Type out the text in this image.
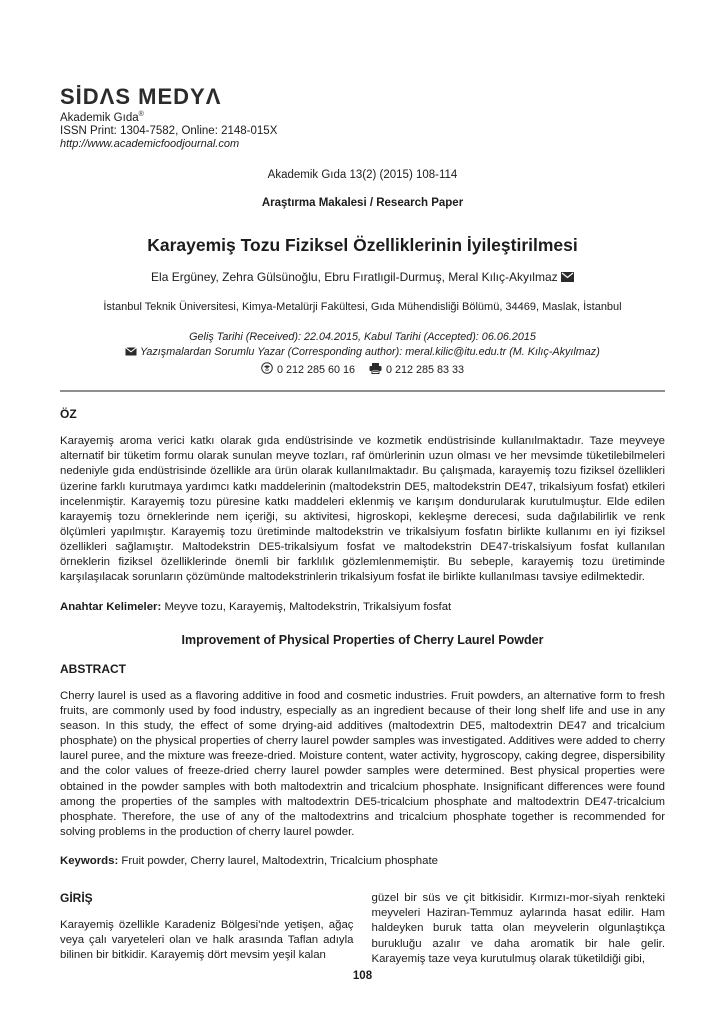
SİDΛS MEDYΛ
Akademik Gıda®
ISSN Print: 1304-7582, Online: 2148-015X
http://www.academicfoodjournal.com
Akademik Gıda 13(2) (2015) 108-114
Araştırma Makalesi / Research Paper
Karayemiş Tozu Fiziksel Özelliklerinin İyileştirilmesi
Ela Ergüney, Zehra Gülsünoğlu, Ebru Fıratlıgil-Durmuş, Meral Kılıç-Akyılmaz
İstanbul Teknik Üniversitesi, Kimya-Metalürji Fakültesi, Gıda Mühendisliği Bölümü, 34469, Maslak, İstanbul
Geliş Tarihi (Received): 22.04.2015, Kabul Tarihi (Accepted): 06.06.2015
Yazışmalardan Sorumlu Yazar (Corresponding author): meral.kilic@itu.edu.tr (M. Kılıç-Akyılmaz)
0 212 285 60 16	0 212 285 83 33
ÖZ

Karayemiş aroma verici katkı olarak gıda endüstrisinde ve kozmetik endüstrisinde kullanılmaktadır. Taze meyveye alternatif bir tüketim formu olarak sunulan meyve tozları, raf ömürlerinin uzun olması ve her mevsimde tüketilebilmeleri nedeniyle gıda endüstrisinde özellikle ara ürün olarak kullanılmaktadır. Bu çalışmada, karayemiş tozu fiziksel özellikleri üzerine farklı kurutmaya yardımcı katkı maddelerinin (maltodekstrin DE5, maltodekstrin DE47, trikalsiyum fosfat) etkileri incelenmiştir. Karayemiş tozu püresine katkı maddeleri eklenmiş ve karışım dondurularak kurutulmuştur. Elde edilen karayemiş tozu örneklerinde nem içeriği, su aktivitesi, higroskopi, kekleşme derecesi, suda dağılabilirlik ve renk ölçümleri yapılmıştır. Karayemiş tozu üretiminde maltodekstrin ve trikalsiyum fosfatın birlikte kullanımı en iyi fiziksel özellikleri sağlamıştır. Maltodekstrin DE5-trikalsiyum fosfat ve maltodekstrin DE47-triskalsiyum fosfat kullanılan örneklerin fiziksel özelliklerinde önemli bir farklılık gözlemlenmemiştir. Bu sebeple, karayemiş tozu üretiminde karşılaşılacak sorunların çözümünde maltodekstrinlerin trikalsiyum fosfat ile birlikte kullanılması tavsiye edilmektedir.

Anahtar Kelimeler: Meyve tozu, Karayemiş, Maltodekstrin, Trikalsiyum fosfat
Improvement of Physical Properties of Cherry Laurel Powder
ABSTRACT

Cherry laurel is used as a flavoring additive in food and cosmetic industries. Fruit powders, an alternative form to fresh fruits, are commonly used by food industry, especially as an ingredient because of their long shelf life and use in any season. In this study, the effect of some drying-aid additives (maltodextrin DE5, maltodextrin DE47 and tricalcium phosphate) on the physical properties of cherry laurel powder samples was investigated. Additives were added to cherry laurel puree, and the mixture was freeze-dried. Moisture content, water activity, hygroscopy, caking degree, dispersibility and the color values of freeze-dried cherry laurel powder samples were determined. Best physical properties were obtained in the powder samples with both maltodextrin and tricalcium phosphate. Insignificant differences were found among the properties of the samples with maltodextrin DE5-tricalcium phosphate and maltodextrin DE47-tricalcium phosphate. Therefore, the use of any of the maltodextrins and tricalcium phosphate together is recommended for solving problems in the production of cherry laurel powder.

Keywords: Fruit powder, Cherry laurel, Maltodextrin, Tricalcium phosphate
GİRİŞ

Karayemiş özellikle Karadeniz Bölgesi'nde yetişen, ağaç veya çalı varyeteleri olan ve halk arasında Taflan adıyla bilinen bir bitkidir. Karayemiş dört mevsim yeşil kalan

güzel bir süs ve çit bitkisidir. Kırmızı-mor-siyah renkteki meyveleri Haziran-Temmuz aylarında hasat edilir. Ham haldeyken buruk tatta olan meyvelerin olgunlaştıkça burukluğu azalır ve daha aromatik bir hale gelir. Karayemiş taze veya kurutulmuş olarak tüketildiği gibi,

108
